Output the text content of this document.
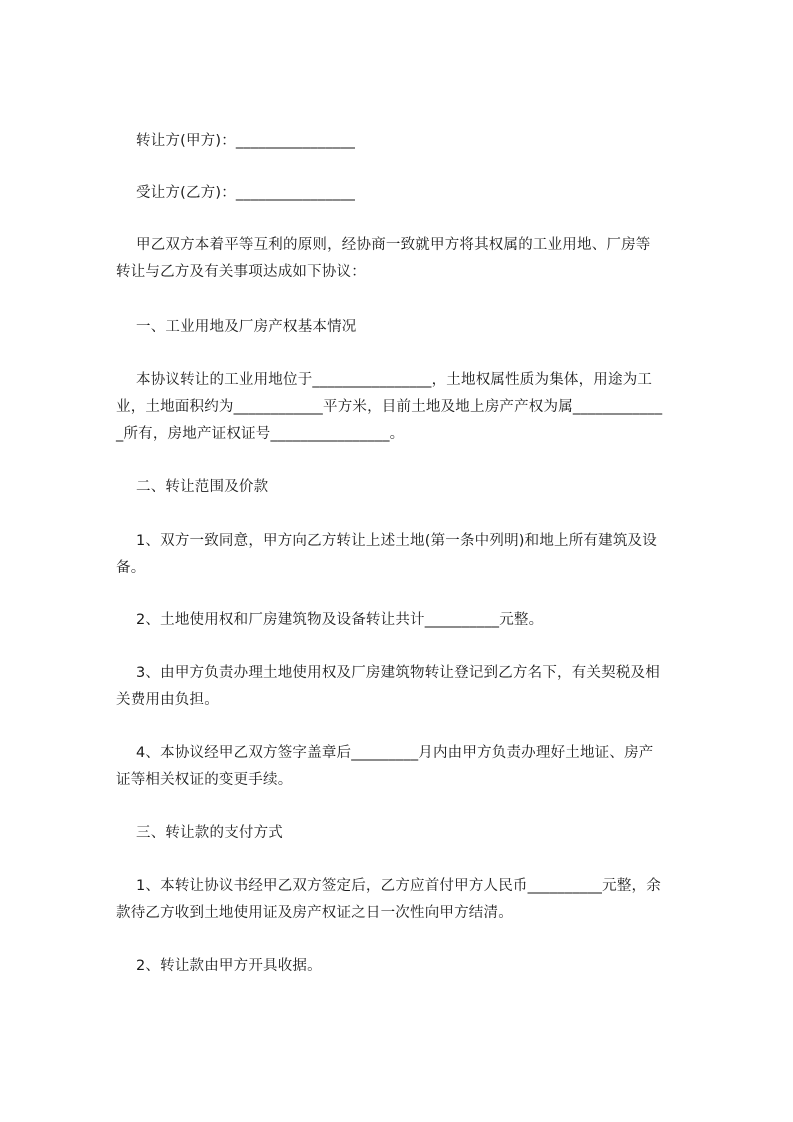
转让方(甲方)：________________
受让方(乙方)：________________
甲乙双方本着平等互利的原则，经协商一致就甲方将其权属的工业用地、厂房等
转让与乙方及有关事项达成如下协议：
一、工业用地及厂房产权基本情况
本协议转让的工业用地位于________________，土地权属性质为集体，用途为工
业，土地面积约为____________平方米，目前土地及地上房产产权为属____________
_所有，房地产证权证号________________。
二、转让范围及价款
1、双方一致同意，甲方向乙方转让上述土地(第一条中列明)和地上所有建筑及设
备。
2、土地使用权和厂房建筑物及设备转让共计__________元整。
3、由甲方负责办理土地使用权及厂房建筑物转让登记到乙方名下，有关契税及相
关费用由负担。
4、本协议经甲乙双方签字盖章后_________月内由甲方负责办理好土地证、房产
证等相关权证的变更手续。
三、转让款的支付方式
1、本转让协议书经甲乙双方签定后，乙方应首付甲方人民币__________元整，余
款待乙方收到土地使用证及房产权证之日一次性向甲方结清。
2、转让款由甲方开具收据。
